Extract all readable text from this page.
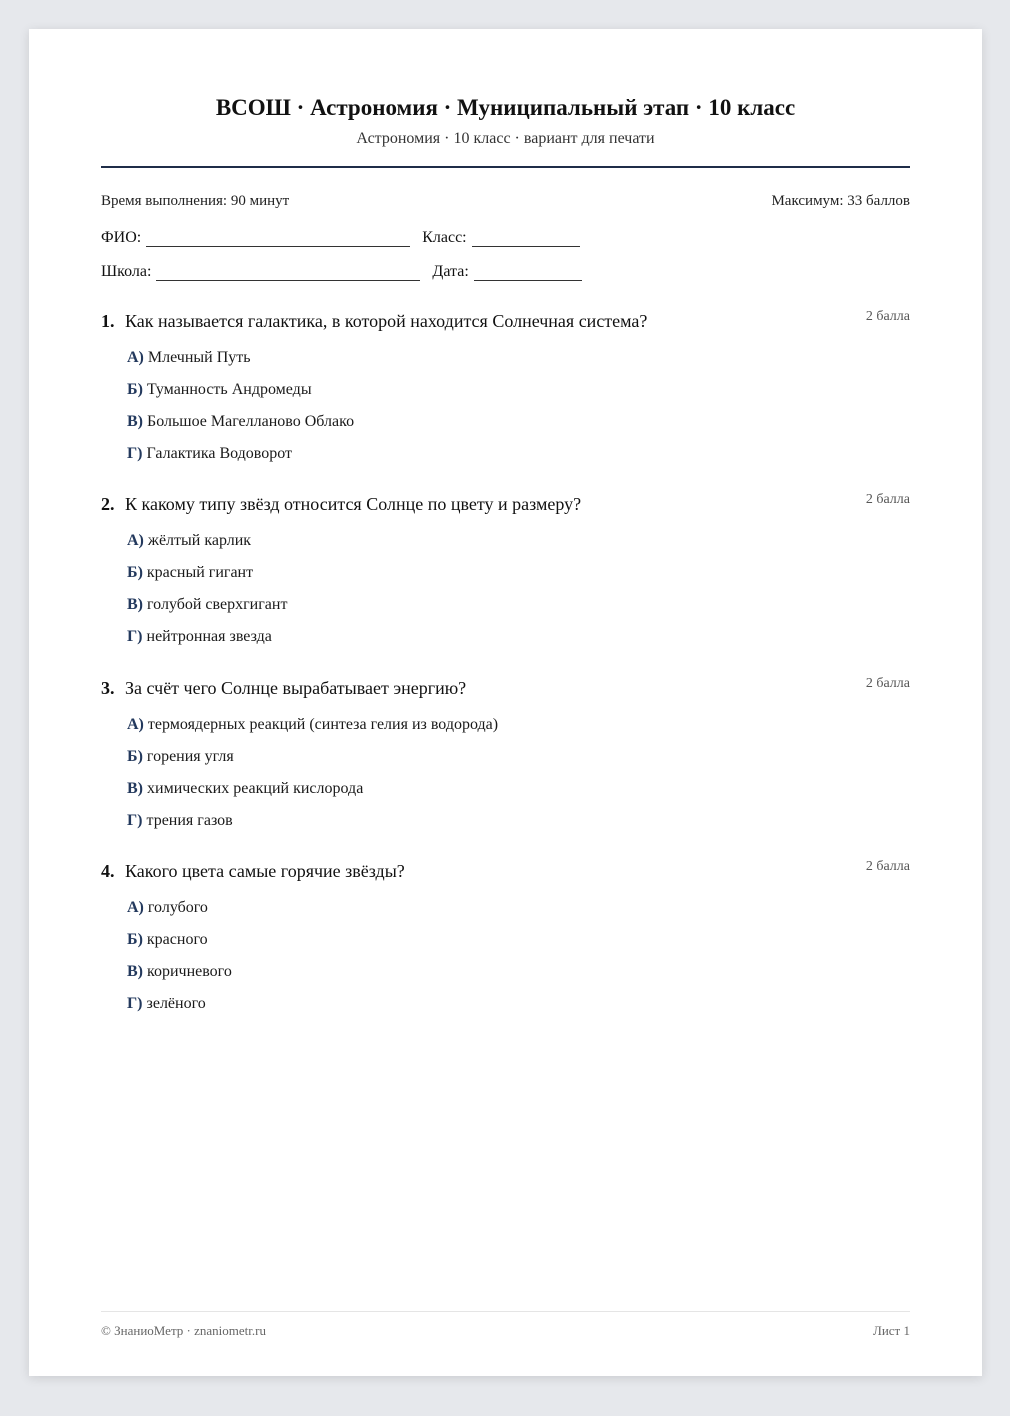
ВСОШ · Астрономия · Муниципальный этап · 10 класс
Астрономия · 10 класс · вариант для печати
Время выполнения: 90 минут	Максимум: 33 баллов
ФИО:	Класс:
Школа:	Дата:
1. Как называется галактика, в которой находится Солнечная система?	2 балла
А) Млечный Путь
Б) Туманность Андромеды
В) Большое Магелланово Облако
Г) Галактика Водоворот
2. К какому типу звёзд относится Солнце по цвету и размеру?	2 балла
А) жёлтый карлик
Б) красный гигант
В) голубой сверхгигант
Г) нейтронная звезда
3. За счёт чего Солнце вырабатывает энергию?	2 балла
А) термоядерных реакций (синтеза гелия из водорода)
Б) горения угля
В) химических реакций кислорода
Г) трения газов
4. Какого цвета самые горячие звёзды?	2 балла
А) голубого
Б) красного
В) коричневого
Г) зелёного
© ЗнаниоМетр · znaniometr.ru	Лист 1
